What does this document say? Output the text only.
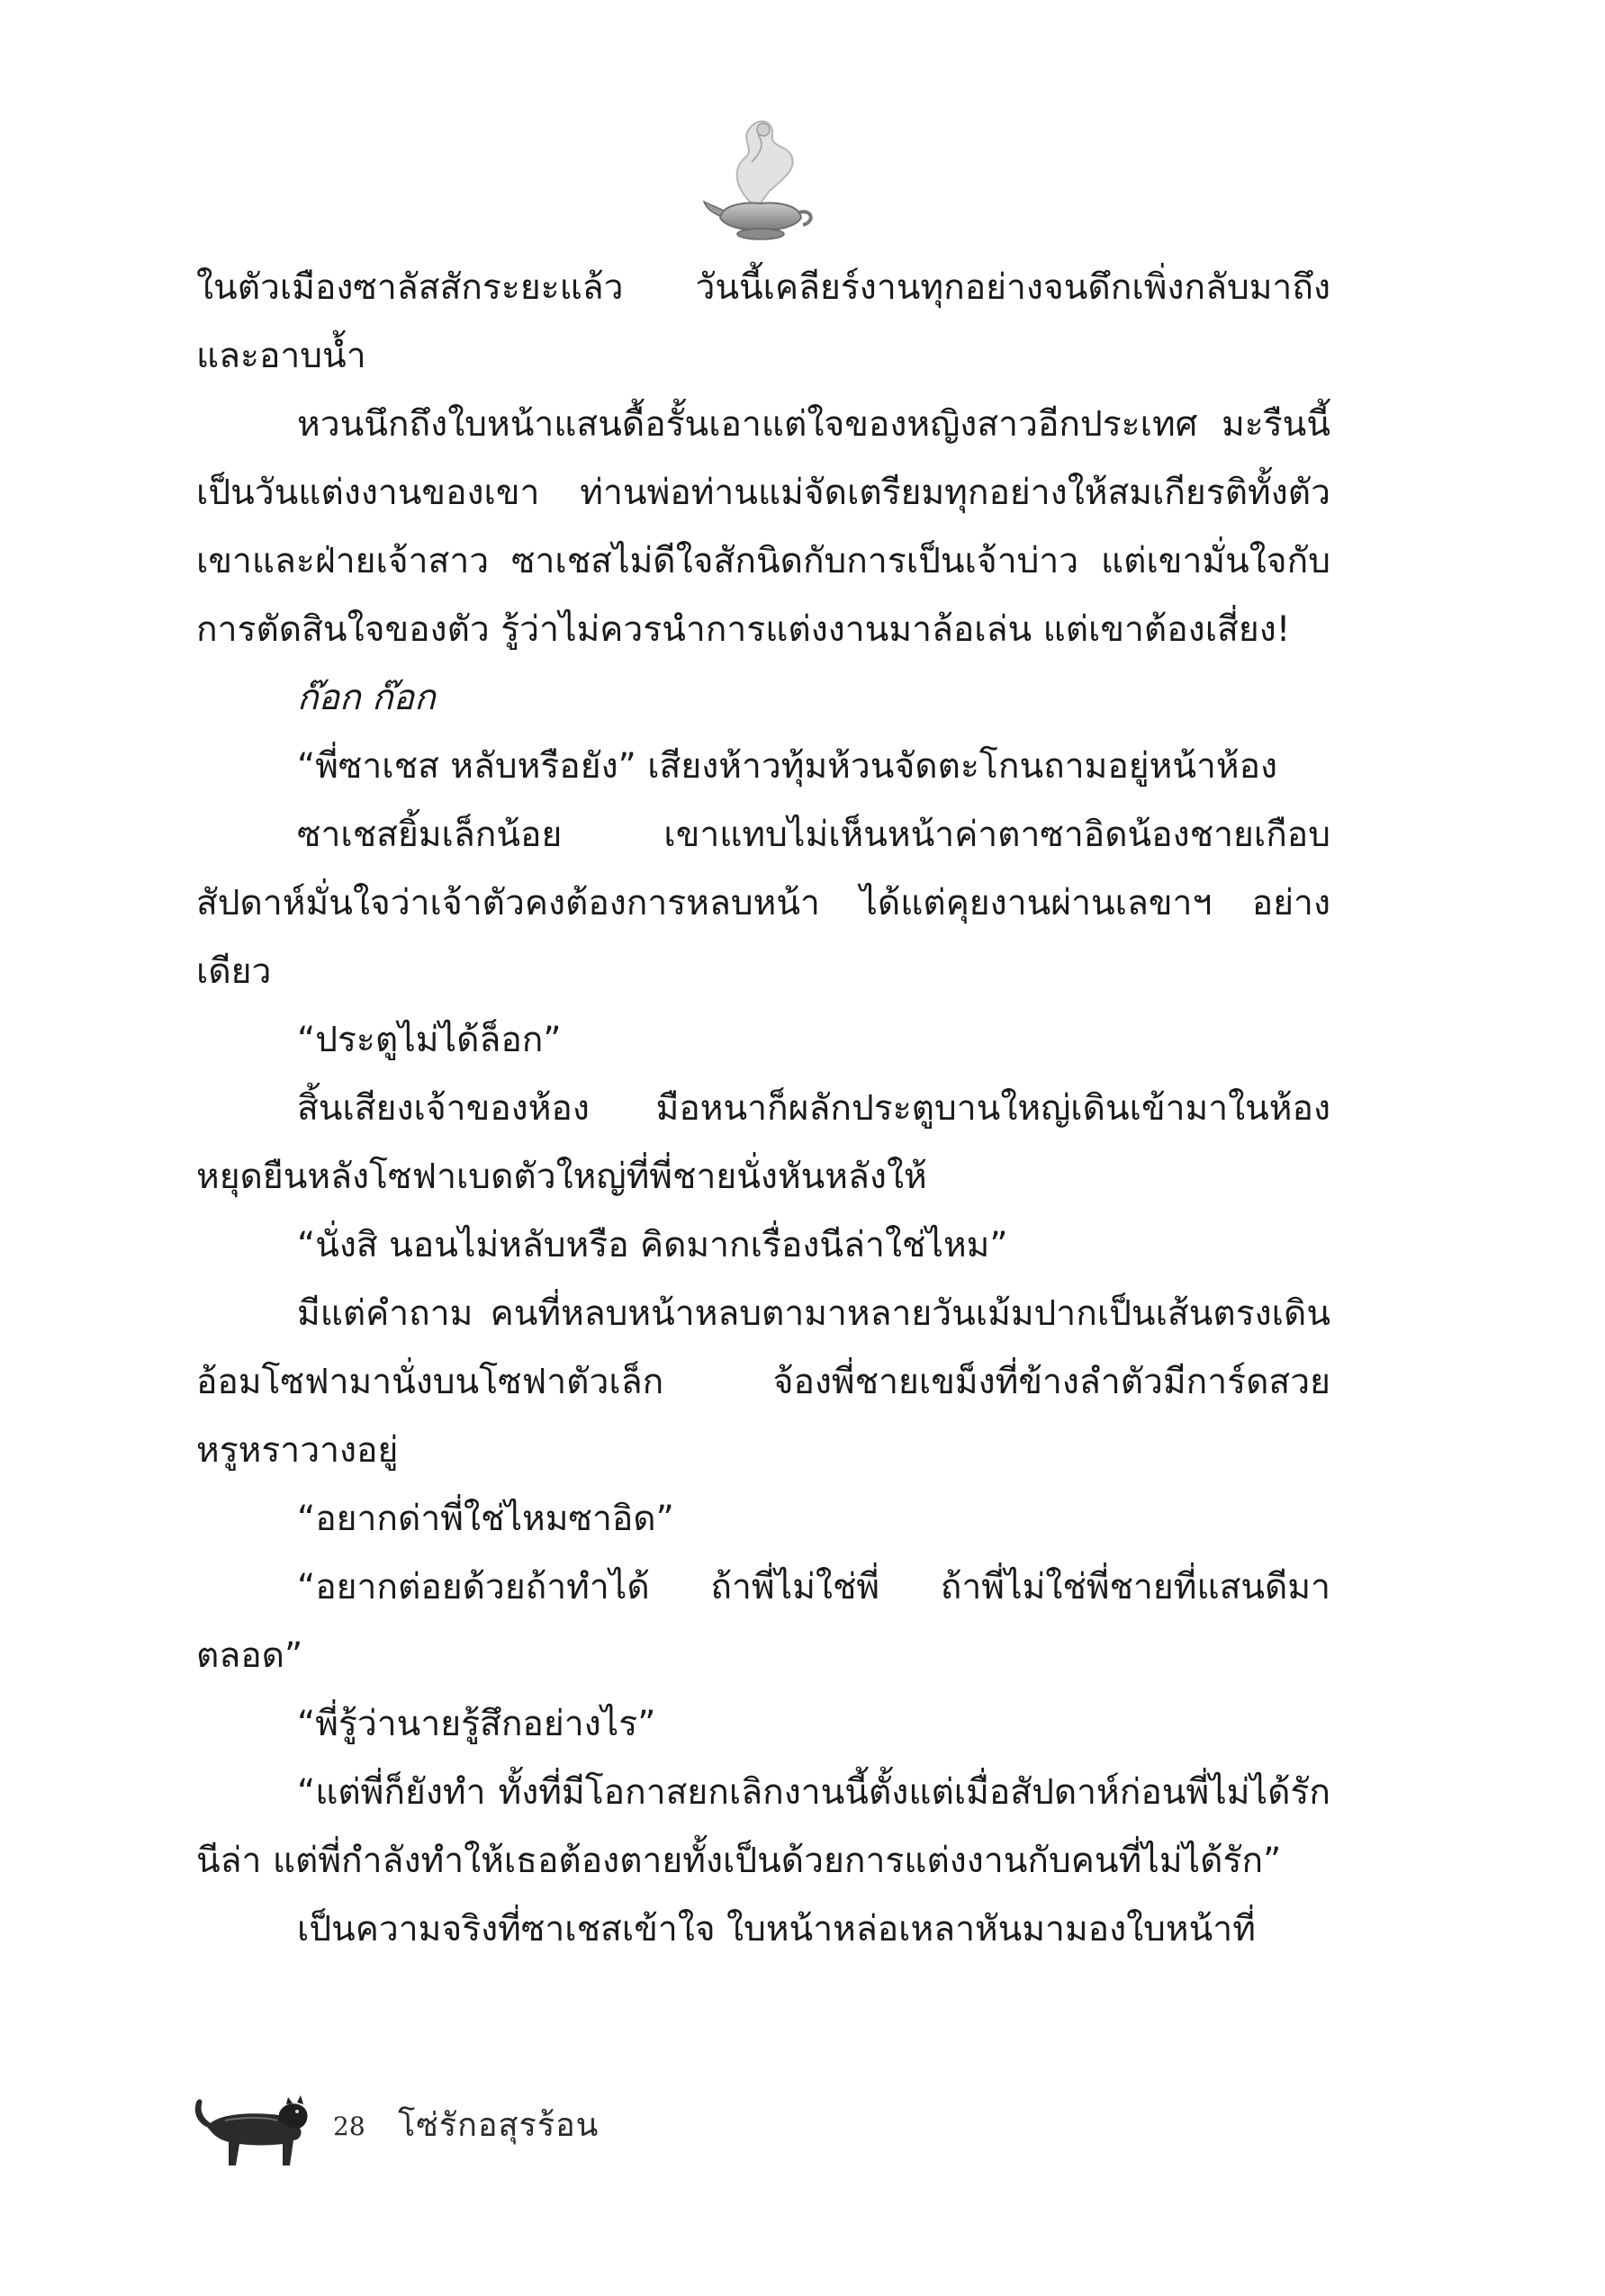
ในตัวเมืองซาลัสสักระยะแล้ว วันนี้เคลียร์งานทุกอย่างจนดึกเพิ่งกลับมาถึงและอาบน้ำ

หวนนึกถึงใบหน้าแสนดื้อรั้นเอาแต่ใจของหญิงสาวอีกประเทศ มะรืนนี้เป็นวันแต่งงานของเขา ท่านพ่อท่านแม่จัดเตรียมทุกอย่างให้สมเกียรติทั้งตัวเขาและฝ่ายเจ้าสาว ซาเชสไม่ดีใจสักนิดกับการเป็นเจ้าบ่าว แต่เขามั่นใจกับการตัดสินใจของตัว รู้ว่าไม่ควรนำการแต่งงานมาล้อเล่น แต่เขาต้องเสี่ยง!

ก๊อก ก๊อก

“พี่ซาเชส หลับหรือยัง” เสียงห้าวทุ้มห้วนจัดตะโกนถามอยู่หน้าห้อง

ซาเชสยิ้มเล็กน้อย เขาแทบไม่เห็นหน้าค่าตาซาอิดน้องชายเกือบสัปดาห์มั่นใจว่าเจ้าตัวคงต้องการหลบหน้า ได้แต่คุยงานผ่านเลขาฯ อย่างเดียว

“ประตูไม่ได้ล็อก”

สิ้นเสียงเจ้าของห้อง มือหนาก็ผลักประตูบานใหญ่เดินเข้ามาในห้องหยุดยืนหลังโซฟาเบดตัวใหญ่ที่พี่ชายนั่งหันหลังให้

“นั่งสิ นอนไม่หลับหรือ คิดมากเรื่องนีล่าใช่ไหม”

มีแต่คำถาม คนที่หลบหน้าหลบตามาหลายวันเม้มปากเป็นเส้นตรงเดินอ้อมโซฟามานั่งบนโซฟาตัวเล็ก จ้องพี่ชายเขม็งที่ข้างลำตัวมีการ์ดสวยหรูหราวางอยู่

“อยากด่าพี่ใช่ไหมซาอิด”

“อยากต่อยด้วยถ้าทำได้ ถ้าพี่ไม่ใช่พี่ ถ้าพี่ไม่ใช่พี่ชายที่แสนดีมาตลอด”

“พี่รู้ว่านายรู้สึกอย่างไร”

“แต่พี่ก็ยังทำ ทั้งที่มีโอกาสยกเลิกงานนี้ตั้งแต่เมื่อสัปดาห์ก่อนพี่ไม่ได้รักนีล่า แต่พี่กำลังทำให้เธอต้องตายทั้งเป็นด้วยการแต่งงานกับคนที่ไม่ได้รัก”

เป็นความจริงที่ซาเชสเข้าใจ ใบหน้าหล่อเหลาหันมามองใบหน้าที่

28 โซ่รักอสุรร้อน
